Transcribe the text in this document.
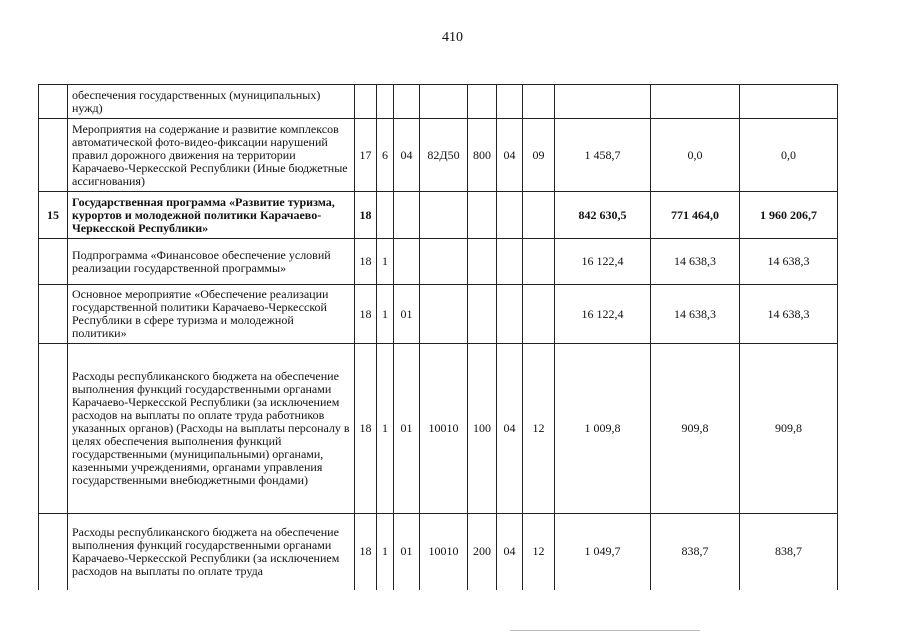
410
	обеспечения государственных (муниципальных) нужд)										
	Мероприятия на содержание и развитие комплексов автоматической фото-видео-фиксации нарушений правил дорожного движения на территории Карачаево-Черкесской Республики (Иные бюджетные ассигнования)	17	6	04	82Д50	800	04	09	1 458,7	0,0	0,0
15	Государственная программа «Развитие туризма, курортов и молодежной политики Карачаево-Черкесской Республики»	18							842 630,5	771 464,0	1 960 206,7
	Подпрограмма «Финансовое обеспечение условий реализации государственной программы»	18	1						16 122,4	14 638,3	14 638,3
	Основное мероприятие «Обеспечение реализации государственной политики Карачаево-Черкесской Республики в сфере туризма и молодежной политики»	18	1	01					16 122,4	14 638,3	14 638,3
	Расходы республиканского бюджета на обеспечение выполнения функций государственными органами Карачаево-Черкесской Республики (за исключением расходов на выплаты по оплате труда работников указанных органов) (Расходы на выплаты персоналу в целях обеспечения выполнения функций государственными (муниципальными) органами, казенными учреждениями, органами управления государственными внебюджетными фондами)	18	1	01	10010	100	04	12	1 009,8	909,8	909,8
	Расходы республиканского бюджета на обеспечение выполнения функций государственными органами Карачаево-Черкесской Республики (за исключением расходов на выплаты по оплате труда	18	1	01	10010	200	04	12	1 049,7	838,7	838,7
